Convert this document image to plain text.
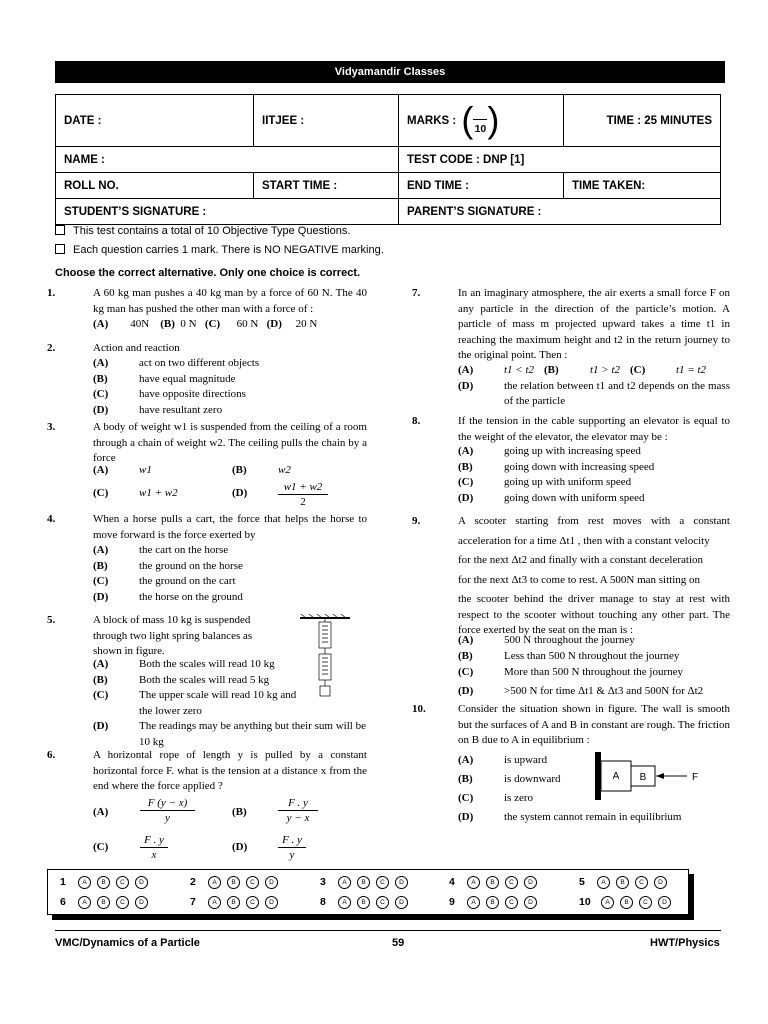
Vidyamandir Classes
DATE :	IITJEE :	MARKS : ( 10 )	TIME : 25 MINUTES
NAME :		TEST CODE : DNP [1]	
ROLL NO.	START TIME :	END TIME :	TIME TAKEN:
STUDENT’S SIGNATURE :		PARENT’S SIGNATURE :	
This test contains a total of 10 Objective Type Questions.
Each question carries 1 mark. There is NO NEGATIVE marking.
Choose the correct alternative. Only one choice is correct.
1.	A 60 kg man pushes a 40 kg man by a force of 60 N. The 40 kg man has pushed the other man with a force of :
(A) 40N (B) 0 N (C) 60 N (D) 20 N
2.	Action and reaction
(A)	act on two different objects
(B)	have equal magnitude
(C)	have opposite directions
(D)	have resultant zero
3.	A body of weight w1 is suspended from the ceiling of a room through a chain of weight w2. The ceiling pulls the chain by a force
(A)	w1	(B)	w2
(C)	w1 + w2	(D)	w1 + w2
2
4.	When a horse pulls a cart, the force that helps the horse to move forward is the force exerted by
(A)	the cart on the horse
(B)	the ground on the horse
(C)	the ground on the cart
(D)	the horse on the ground
5.	A block of mass 10 kg is suspended through two light spring balances as shown in figure.
(A)	Both the scales will read 10 kg
(B)	Both the scales will read 5 kg
(C)	The upper scale will read 10 kg and the lower zero
(D)	The readings may be anything but their sum will be 10 kg
6.	A horizontal rope of length y is pulled by a constant horizontal force F. what is the tension at a distance x from the end where the force applied ?
(A)
F (y − x)
y	(B)
F . y
y − x
(C)
F . y
x
(D)
F . y
y
7.	In an imaginary atmosphere, the air exerts a small force F on any particle in the direction of the particle’s motion. A particle of mass m projected upward takes a time t1 in reaching the maximum height and t2 in the return journey to the original point. Then :
(A)	t1 < t2 (B)	t1 > t2 (C)	t1 = t2
(D)	the relation between t1 and t2 depends on the mass of the particle
8.	If the tension in the cable supporting an elevator is equal to the weight of the elevator, the elevator may be :
(A)	going up with increasing speed
(B)	going down with increasing speed
(C)	going up with uniform speed
(D)	going down with uniform speed
9.	A scooter starting from rest moves with a constant acceleration for a time Δt1 , then with a constant velocity
for the next Δt2 and finally with a constant deceleration
for the next Δt3 to come to rest. A 500N man sitting on
the scooter behind the driver manage to stay at rest with respect to the scooter without touching any other part. The force exerted by the seat on the man is :
(A)	500 N throughout the journey
(B)	Less than 500 N throughout the journey
(C)	More than 500 N throughout the journey
(D)	>500 N for time Δt1 & Δt3 and 500N for Δt2
10.	Consider the situation shown in figure. The wall is smooth but the surfaces of A and B in constant are rough. The friction on B due to A in equilibrium :
(A)	is upward
(B)	is downward
(C)	is zero
(D)	the system cannot remain in equilibrium
A B	F
1	A B C D	2	A B C D	3	A B C D	4	A B C D	5	A B C D
6	A B C D	7	A B C D	8	A B C D	9	A B C D	10 A B C D
VMC/Dynamics of a Particle	59	HWT/Physics
